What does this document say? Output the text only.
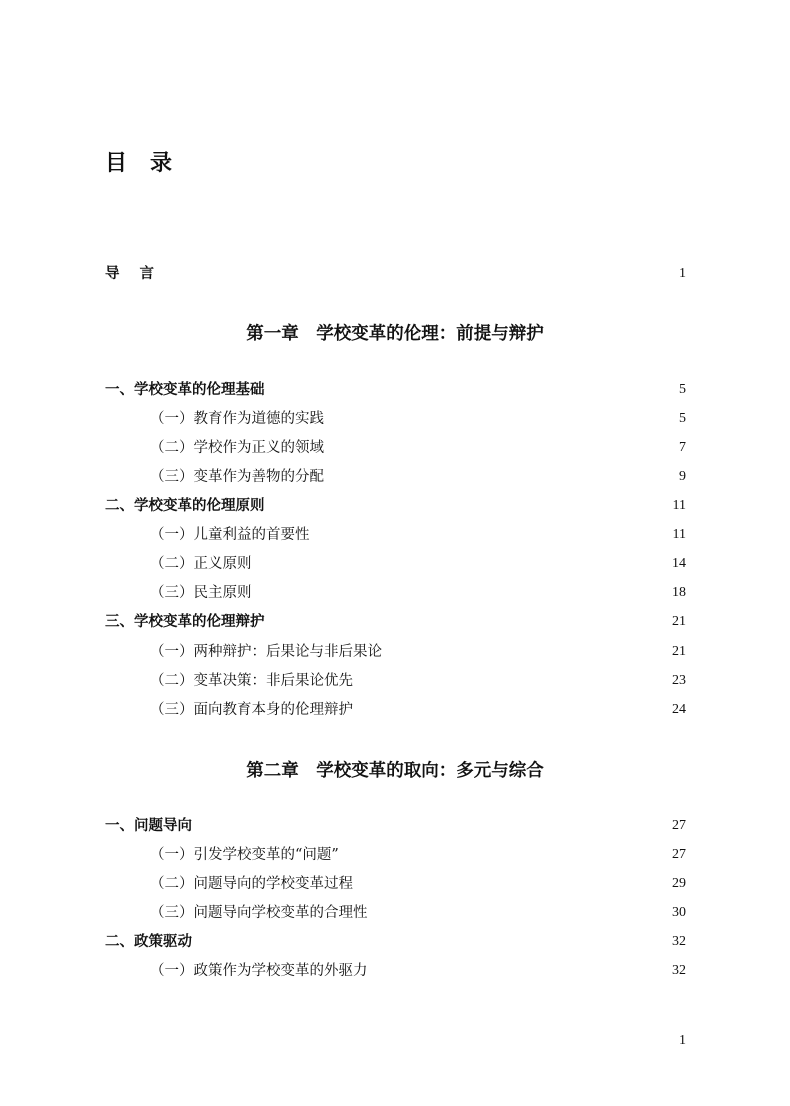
目 录
导 言	1
第一章　学校变革的伦理：前提与辩护
一、学校变革的伦理基础	5
（一）教育作为道德的实践	5
（二）学校作为正义的领域	7
（三）变革作为善物的分配	9
二、学校变革的伦理原则	11
（一）儿童利益的首要性	11
（二）正义原则	14
（三）民主原则	18
三、学校变革的伦理辩护	21
（一）两种辩护：后果论与非后果论	21
（二）变革决策：非后果论优先	23
（三）面向教育本身的伦理辩护	24
第二章　学校变革的取向：多元与综合
一、问题导向	27
（一）引发学校变革的“问题”	27
（二）问题导向的学校变革过程	29
（三）问题导向学校变革的合理性	30
二、政策驱动	32
（一）政策作为学校变革的外驱力	32
1
